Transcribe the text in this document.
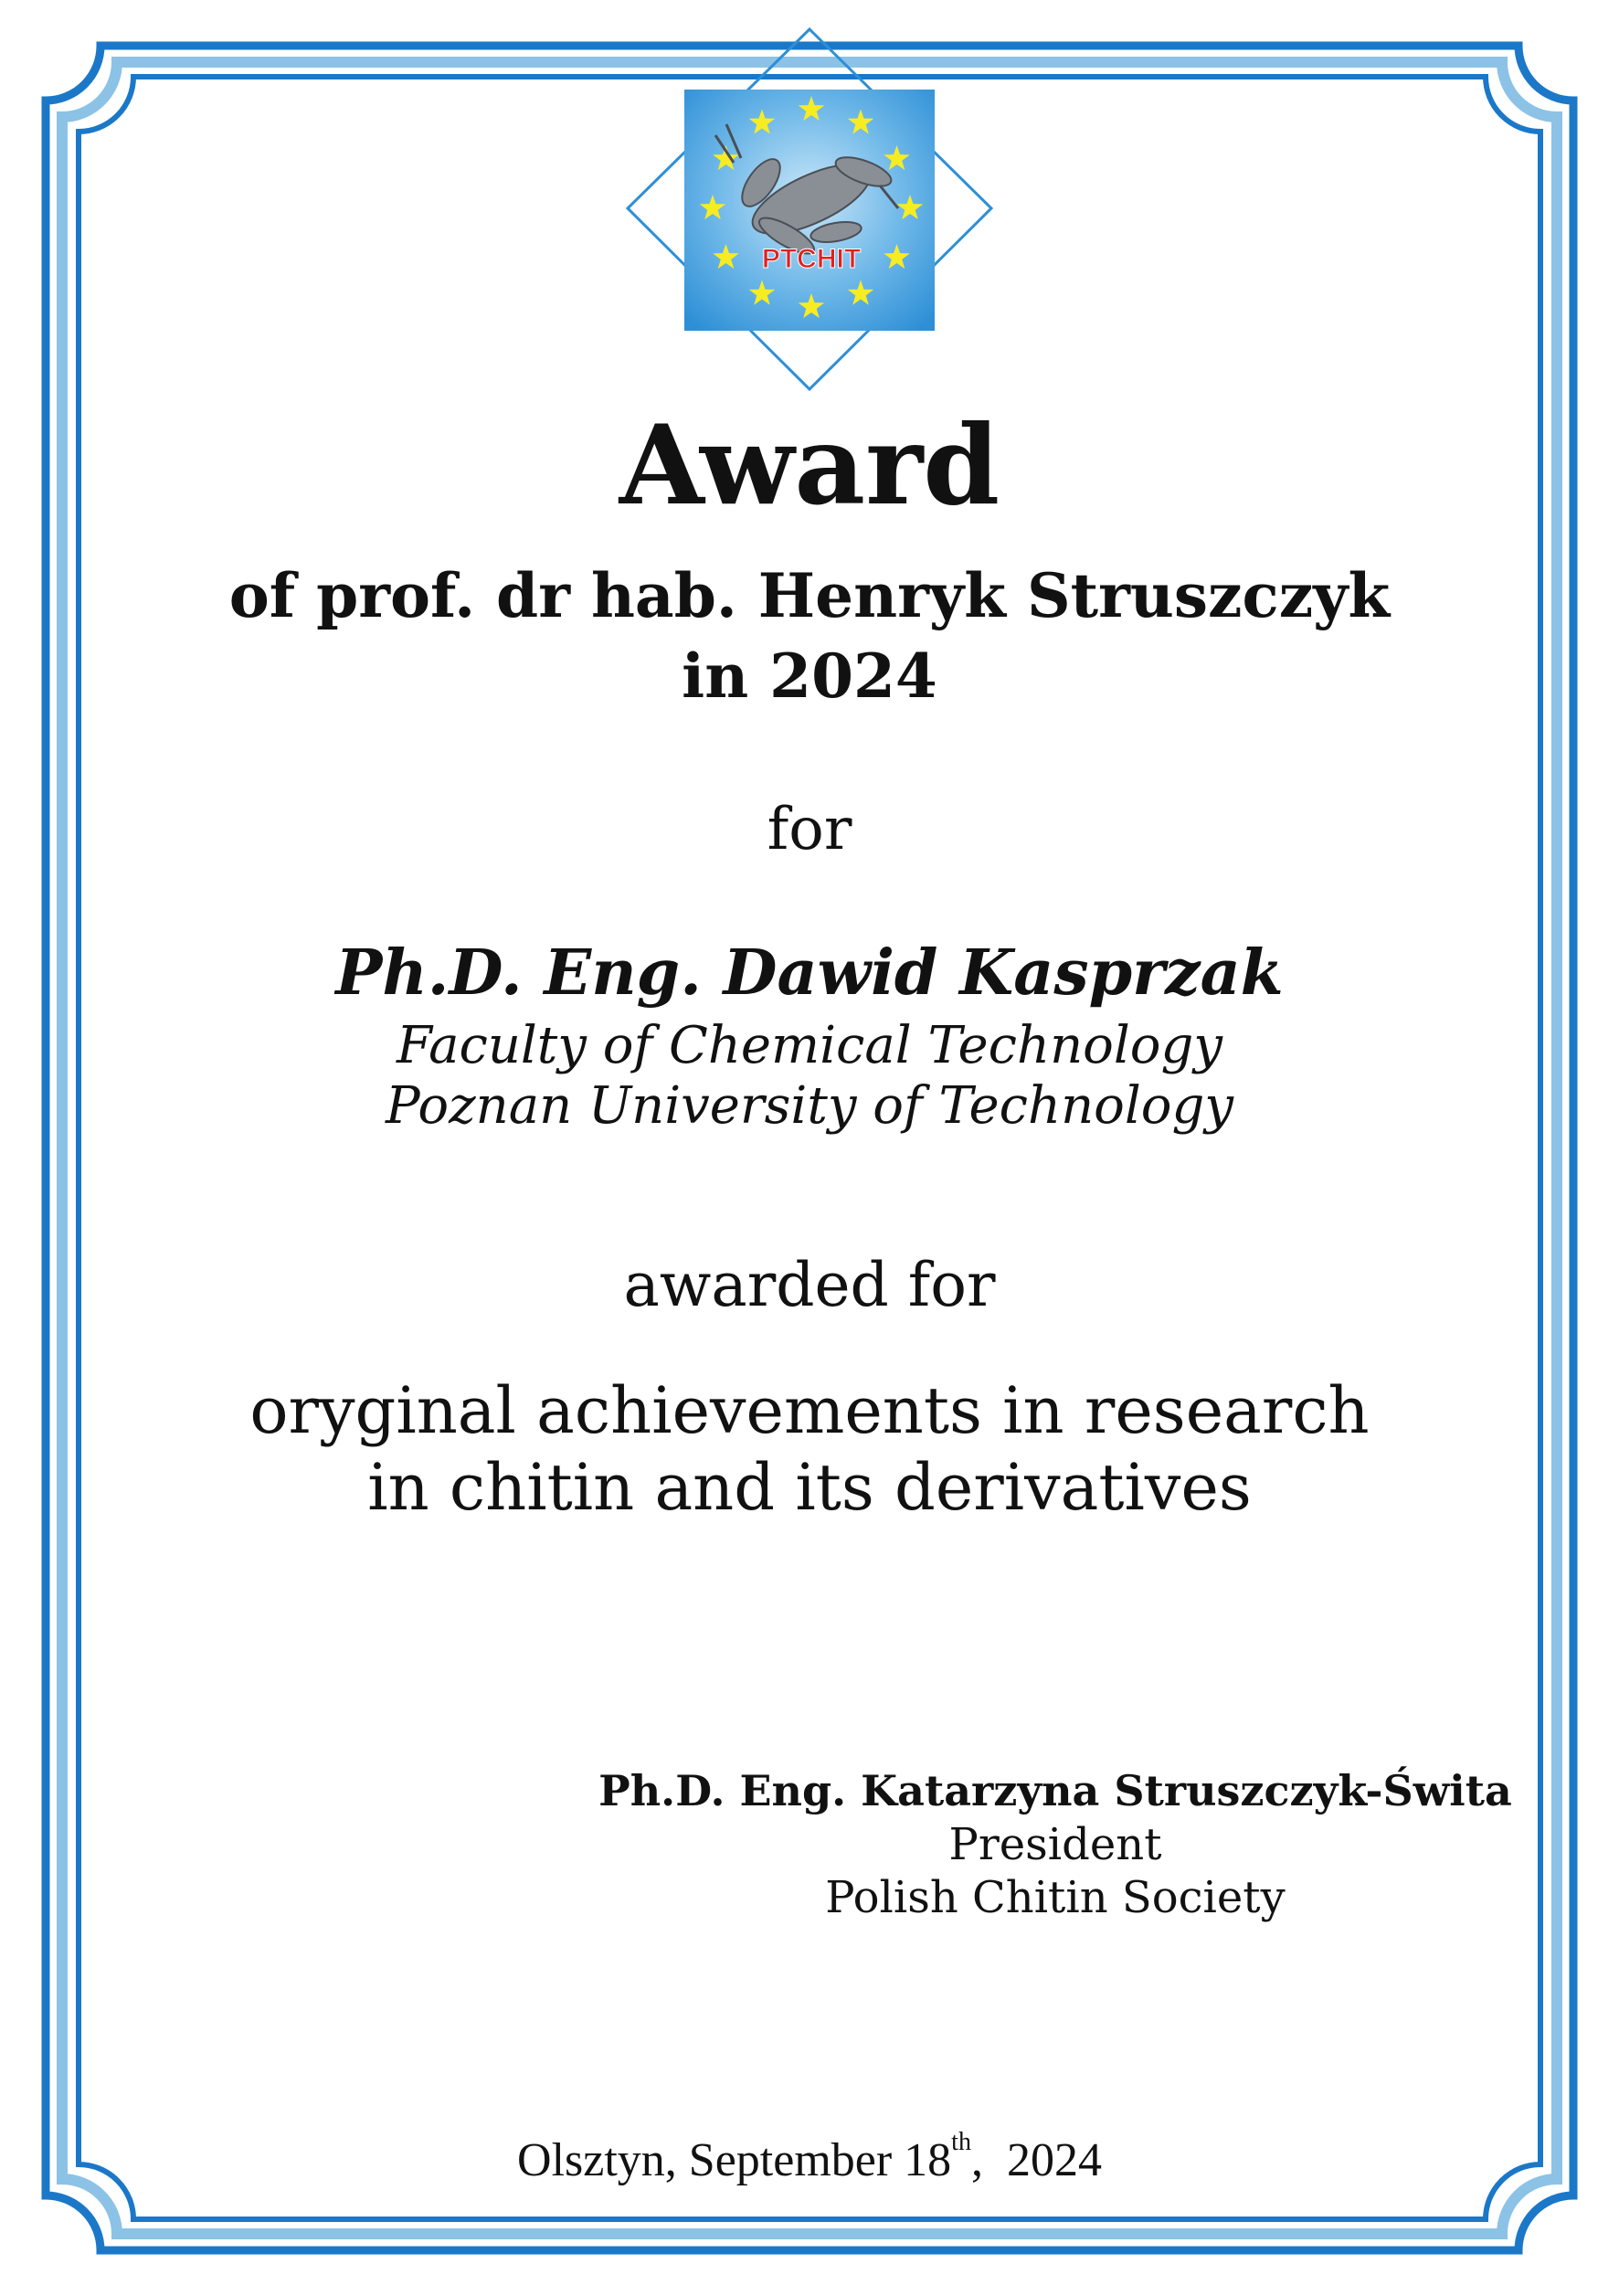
PTCHIT
Award
of prof. dr hab. Henryk Struszczyk
in 2024
for
Ph.D. Eng. Dawid Kasprzak
Faculty of Chemical Technology
Poznan University of Technology
awarded for
oryginal achievements in research
in chitin and its derivatives
Ph.D. Eng. Katarzyna Struszczyk-Świta
President
Polish Chitin Society
Olsztyn, September 18th,  2024
